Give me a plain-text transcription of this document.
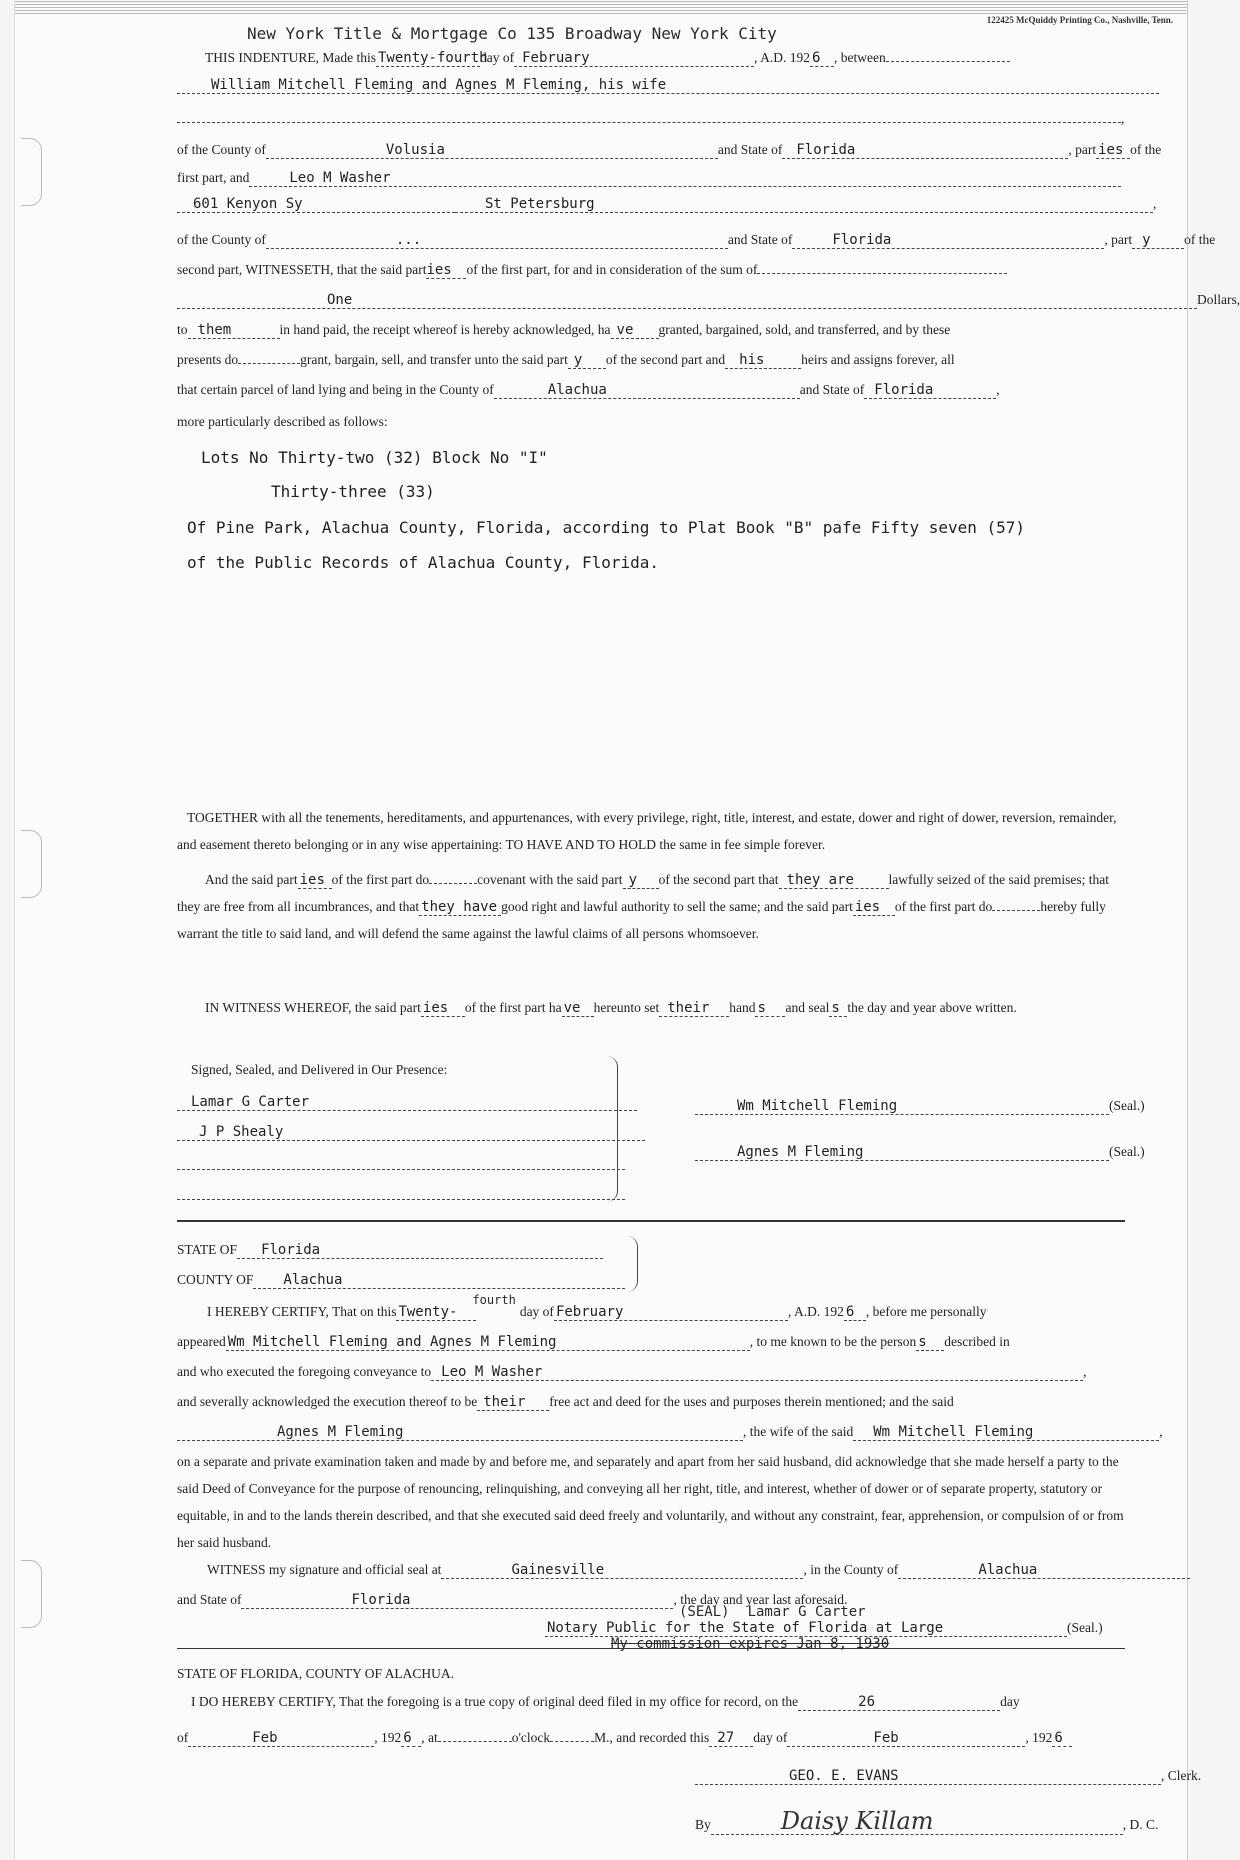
122425 McQuiddy Printing Co., Nashville, Tenn.
New York Title & Mortgage Co 135 Broadway New York City
THIS INDENTURE, Made this Twenty-fourthday of February	, A.D. 192 6 , between
William Mitchell Fleming and Agnes M Fleming, his wife
,
of the County of	Volusia	and State of Florida	, part ies of the
first part, and	Leo M Washer
601 Kenyon Sy	St Petersburg	,
of the County of	...	and State of	Florida	, part y of the
second part, WITNESSETH, that the said parties of the first part, for and in consideration of the sum of
One	Dollars,
to them	in hand paid, the receipt whereof is hereby acknowledged, ha ve granted, bargained, sold, and transferred, and by these
presents do	grant, bargain, sell, and transfer unto the said part y of the second part and his	heirs and assigns forever, all
that certain parcel of land lying and being in the County of	Alachua	and State of Florida	,
more particularly described as follows:
Lots No Thirty-two (32) Block No "I"
Thirty-three (33)
Of Pine Park, Alachua County, Florida, according to Plat Book "B" pafe Fifty seven (57)
of the Public Records of Alachua County, Florida.
TOGETHER with all the tenements, hereditaments, and appurtenances, with every privilege, right, title, interest, and estate, dower and right of dower, reversion, remainder, and easement thereto belonging or in any wise appertaining: TO HAVE AND TO HOLD the same in fee simple forever.
And the said part ies of the first part do	covenant with the said part y of the second part that they are	lawfully seized of the said premises; that they are free from all incumbrances, and that they have good right and lawful authority to sell the same; and the said part ies of the first part do	hereby fully warrant the title to said land, and will defend the same against the lawful claims of all persons whomsoever.
IN WITNESS WHEREOF, the said part ies of the first part ha ve hereunto set their hand s and seal s the day and year above written.
Signed, Sealed, and Delivered in Our Presence:
Lamar G Carter
J P Shealy
Wm Mitchell Fleming	(Seal.)
Agnes M Fleming	(Seal.)
STATE OF Florida
COUNTY OF Alachua
I HEREBY CERTIFY, That on this Twenty-fourthday of February	, A.D. 192 6 , before me personally
appeared Wm Mitchell Fleming and Agnes M Fleming	, to me known to be the person s described in
and who executed the foregoing conveyance to Leo M Washer	,
and severally acknowledged the execution thereof to be their free act and deed for the uses and purposes therein mentioned; and the said
Agnes M Fleming	, the wife of the said Wm Mitchell Fleming	,
on a separate and private examination taken and made by and before me, and separately and apart from her said husband, did acknowledge that she made herself a party to the said Deed of Conveyance for the purpose of renouncing, relinquishing, and conveying all her right, title, and interest, whether of dower or of separate property, statutory or equitable, in and to the lands therein described, and that she executed said deed freely and voluntarily, and without any constraint, fear, apprehension, or compulsion of or from her said husband.
WITNESS my signature and official seal at	Gainesville	, in the County of	Alachua
and State of	Florida	, the day and year last aforesaid.
(SEAL) Lamar G Carter
Notary Public for the State of Florida at Large	(Seal.)
My commission expires Jan 8, 1930
STATE OF FLORIDA, COUNTY OF ALACHUA.
I DO HEREBY CERTIFY, That the foregoing is a true copy of original deed filed in my office for record, on the	26	day
of	Feb	, 192 6 , at	o'clock	M., and recorded this 27 day of	Feb	, 192 6
GEO. E. EVANS	, Clerk.
By	Daisy Killam	, D. C.
